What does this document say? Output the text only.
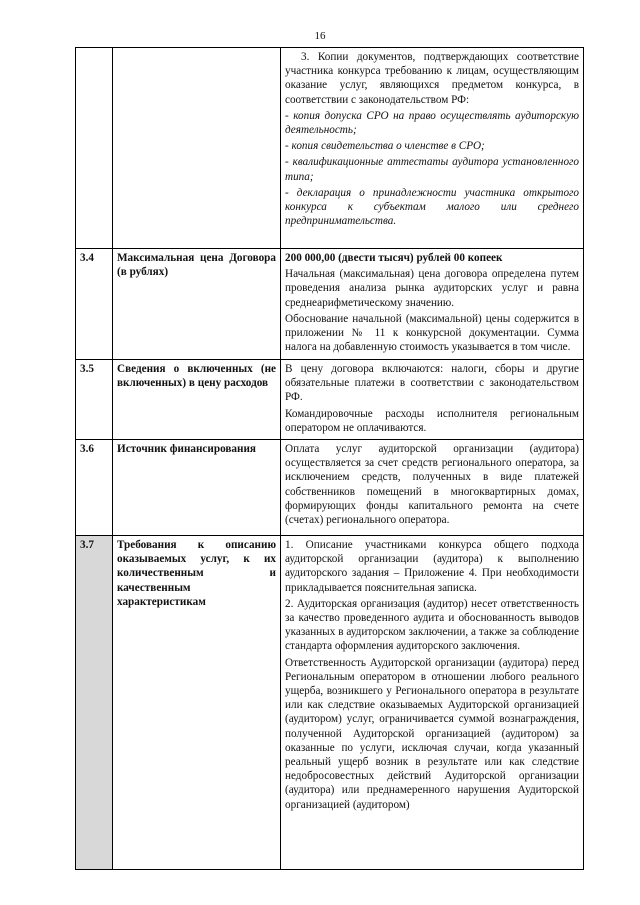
16

		3. Копии документов, подтверждающих соответствие участника конкурса требованию к лицам, осуществляющим оказание услуг, являющихся предметом конкурса, в соответствии с законодательством РФ:

- копия допуска СРО на право осуществлять аудиторскую деятельность;

- копия свидетельства о членстве в СРО;

- квалификационные аттестаты аудитора установленного типа;

- декларация о принадлежности участника открытого конкурса к субъектам малого или среднего предпринимательства.

3.4	Максимальная цена Договора (в рублях)	200 000,00 (двести тысяч) рублей 00 копеек

Начальная (максимальная) цена договора определена путем проведения анализа рынка аудиторских услуг и равна среднеарифметическому значению.

Обоснование начальной (максимальной) цены содержится в приложении № 11 к конкурсной документации. Сумма налога на добавленную стоимость указывается в том числе.

3.5	Сведения о включенных (не включенных) в цену расходов	В цену договора включаются: налоги, сборы и другие обязательные платежи в соответствии с законодательством РФ.

Командировочные расходы исполнителя региональным оператором не оплачиваются.

3.6	Источник финансирования	Оплата услуг аудиторской организации (аудитора) осуществляется за счет средств регионального оператора, за исключением средств, полученных в виде платежей собственников помещений в многоквартирных домах, формирующих фонды капитального ремонта на счете (счетах) регионального оператора.

3.7	Требования к описанию оказываемых услуг, к их количественным и качественным характеристикам	1. Описание участниками конкурса общего подхода аудиторской организации (аудитора) к выполнению аудиторского задания – Приложение 4. При необходимости прикладывается пояснительная записка.

2. Аудиторская организация (аудитор) несет ответственность за качество проведенного аудита и обоснованность выводов указанных в аудиторском заключении, а также за соблюдение стандарта оформления аудиторского заключения.

Ответственность Аудиторской организации (аудитора) перед Региональным оператором в отношении любого реального ущерба, возникшего у Регионального оператора в результате или как следствие оказываемых Аудиторской организацией (аудитором) услуг, ограничивается суммой вознаграждения, полученной Аудиторской организацией (аудитором) за оказанные по услуги, исключая случаи, когда указанный реальный ущерб возник в результате или как следствие недобросовестных действий Аудиторской организации (аудитора) или преднамеренного нарушения Аудиторской организацией (аудитором)
